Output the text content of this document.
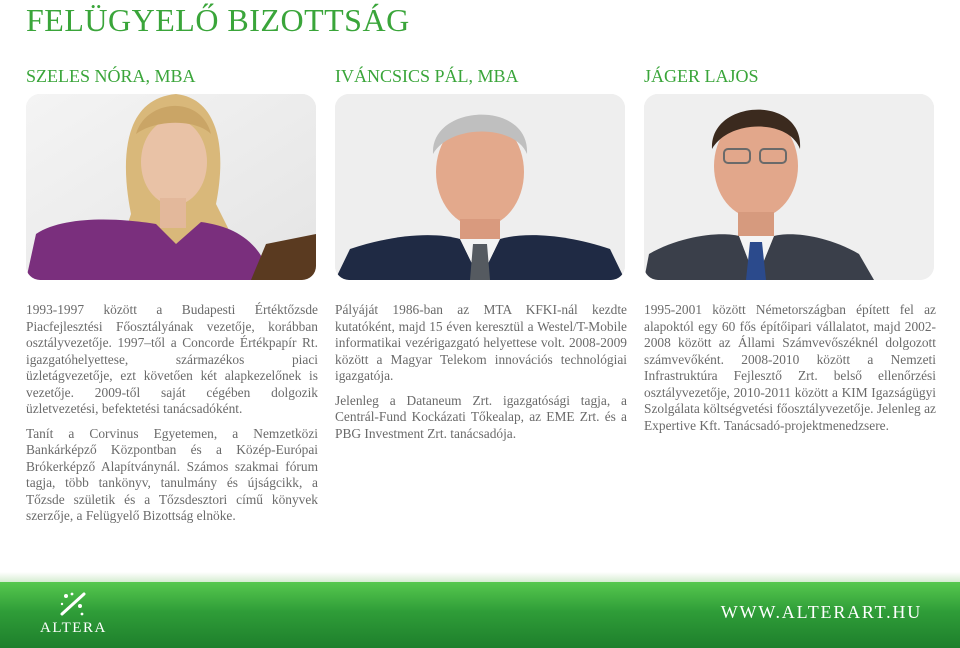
FELÜGYELŐ BIZOTTSÁG
SZELES NÓRA, MBA

1993-1997 között a Budapesti Értéktőzsde Piacfejlesztési Főosztályának vezetője, korábban osztályvezetője. 1997–től a Concorde Értékpapír Rt. igazgatóhelyettese, származékos piaci üzletágvezetője, ezt követően két alapkezelőnek is vezetője. 2009-től saját cégében dolgozik üzletvezetési, befektetési tanácsadóként.

Tanít a Corvinus Egyetemen, a Nemzetközi Bankárképző Központban és a Közép-Európai Brókerképző Alapítványnál. Számos szakmai fórum tagja, több tankönyv, tanulmány és újságcikk, a Tőzsde születik és a Tőzsdesztori című könyvek szerzője, a Felügyelő Bizottság elnöke.

IVÁNCSICS PÁL, MBA

Pályáját 1986-ban az MTA KFKI-nál kezdte kutatóként, majd 15 éven keresztül a Westel/T-Mobile informatikai vezérigazgató helyettese volt. 2008-2009 között a Magyar Telekom innovációs technológiai igazgatója.

Jelenleg a Dataneum Zrt. igazgatósági tagja, a Centrál-Fund Kockázati Tőkealap, az EME Zrt. és a PBG Investment Zrt. tanácsadója.

JÁGER LAJOS

1995-2001 között Németországban épített fel az alapoktól egy 60 fős építőipari vállalatot, majd 2002-2008 között az Állami Számvevőszéknél dolgozott számvevőként. 2008-2010 között a Nemzeti Infrastruktúra Fejlesztő Zrt. belső ellenőrzési osztályvezetője, 2010-2011 között a KIM Igazságügyi Szolgálata költségvetési főosztályvezetője. Jelenleg az Expertive Kft. Tanácsadó-projektmenedzsere.

ALTERA
WWW.ALTERART.HU
